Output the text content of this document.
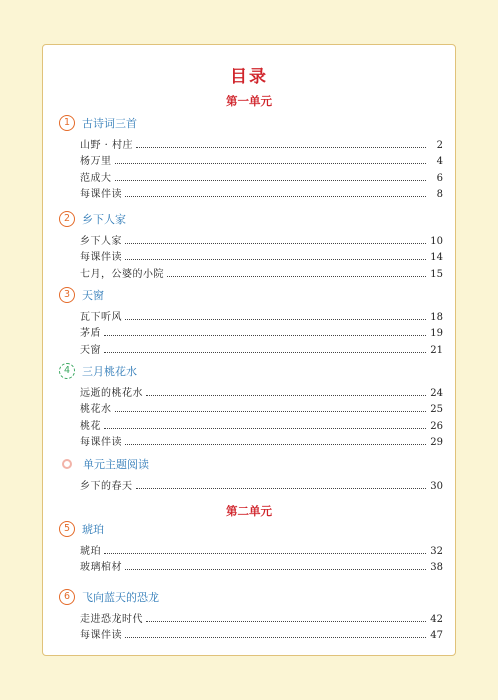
目录
第一单元
1	古诗词三首
山野 · 村庄	2
杨万里	4
范成大	6
每课伴读	8
2	乡下人家
乡下人家	10
每课伴读	14
七月，公婆的小院	15
3	天窗
瓦下听风	18
茅盾	19
天窗	21
4	三月桃花水
远逝的桃花水	24
桃花水	25
桃花	26
每课伴读	29
单元主题阅读
乡下的春天	30
第二单元
5	琥珀
琥珀	32
玻璃棺材	38
6	飞向蓝天的恐龙
走进恐龙时代	42
每课伴读	47
